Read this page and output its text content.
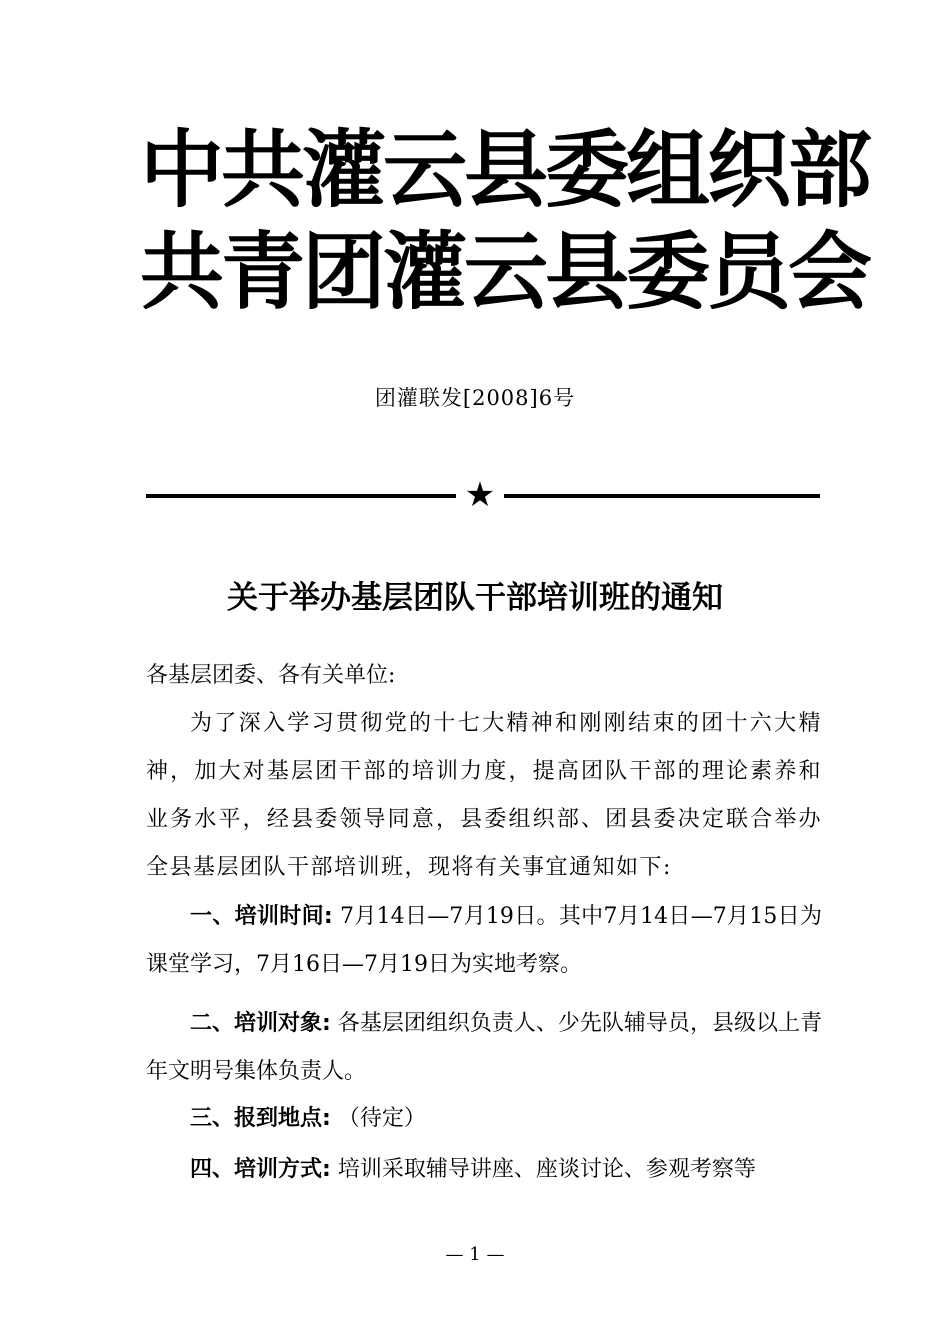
中共灌云县委组织部
共青团灌云县委员会
团灌联发[2008]6号
★
关于举办基层团队干部培训班的通知
各基层团委、各有关单位:
为了深入学习贯彻党的十七大精神和刚刚结束的团十六大精神，加大对基层团干部的培训力度，提高团队干部的理论素养和业务水平，经县委领导同意，县委组织部、团县委决定联合举办全县基层团队干部培训班，现将有关事宜通知如下:
一、培训时间: 7月14日—7月19日。其中7月14日—7月15日为课堂学习，7月16日—7月19日为实地考察。
二、培训对象: 各基层团组织负责人、少先队辅导员，县级以上青年文明号集体负责人。
三、报到地点: （待定）
四、培训方式: 培训采取辅导讲座、座谈讨论、参观考察等
— 1 —
